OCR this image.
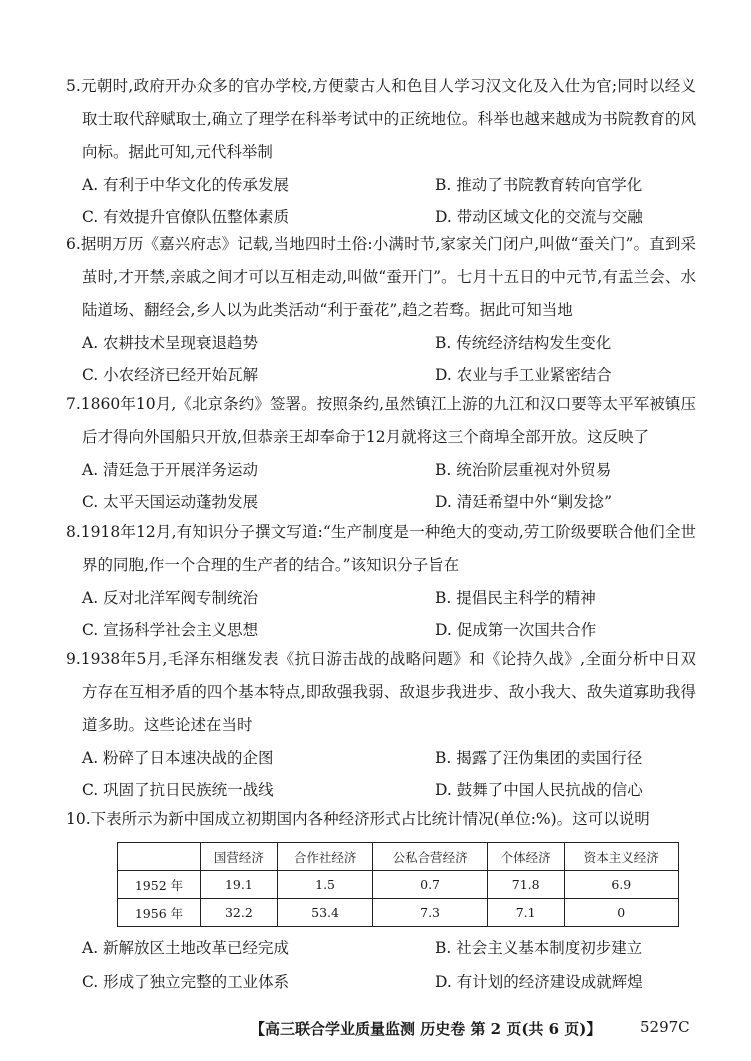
5.元朝时,政府开办众多的官办学校,方便蒙古人和色目人学习汉文化及入仕为官;同时以经义取士取代辞赋取士,确立了理学在科举考试中的正统地位。科举也越来越成为书院教育的风向标。据此可知,元代科举制

A. 有利于中华文化的传承发展	B. 推动了书院教育转向官学化
C. 有效提升官僚队伍整体素质	D. 带动区域文化的交流与交融

6.据明万历《嘉兴府志》记载,当地四时土俗:小满时节,家家关门闭户,叫做“蚕关门”。直到采茧时,才开禁,亲戚之间才可以互相走动,叫做“蚕开门”。七月十五日的中元节,有盂兰会、水陆道场、翻经会,乡人以为此类活动“利于蚕花”,趋之若骛。据此可知当地

A. 农耕技术呈现衰退趋势	B. 传统经济结构发生变化
C. 小农经济已经开始瓦解	D. 农业与手工业紧密结合

7.1860年10月,《北京条约》签署。按照条约,虽然镇江上游的九江和汉口要等太平军被镇压后才得向外国船只开放,但恭亲王却奉命于12月就将这三个商埠全部开放。这反映了

A. 清廷急于开展洋务运动	B. 统治阶层重视对外贸易
C. 太平天国运动蓬勃发展	D. 清廷希望中外“剿发捻”

8.1918年12月,有知识分子撰文写道:“生产制度是一种绝大的变动,劳工阶级要联合他们全世界的同胞,作一个合理的生产者的结合。”该知识分子旨在

A. 反对北洋军阀专制统治	B. 提倡民主科学的精神
C. 宣扬科学社会主义思想	D. 促成第一次国共合作

9.1938年5月,毛泽东相继发表《抗日游击战的战略问题》和《论持久战》,全面分析中日双方存在互相矛盾的四个基本特点,即敌强我弱、敌退步我进步、敌小我大、敌失道寡助我得道多助。这些论述在当时

A. 粉碎了日本速决战的企图	B. 揭露了汪伪集团的卖国行径
C. 巩固了抗日民族统一战线	D. 鼓舞了中国人民抗战的信心

10.下表所示为新中国成立初期国内各种经济形式占比统计情况(单位:%)。这可以说明

	国营经济	合作社经济	公私合营经济	个体经济	资本主义经济
1952 年	19.1	1.5	0.7	71.8	6.9
1956 年	32.2	53.4	7.3	7.1	0
A. 新解放区土地改革已经完成	B. 社会主义基本制度初步建立
C. 形成了独立完整的工业体系	D. 有计划的经济建设成就辉煌
【高三联合学业质量监测 历史卷 第 2 页(共 6 页)】	5297C
